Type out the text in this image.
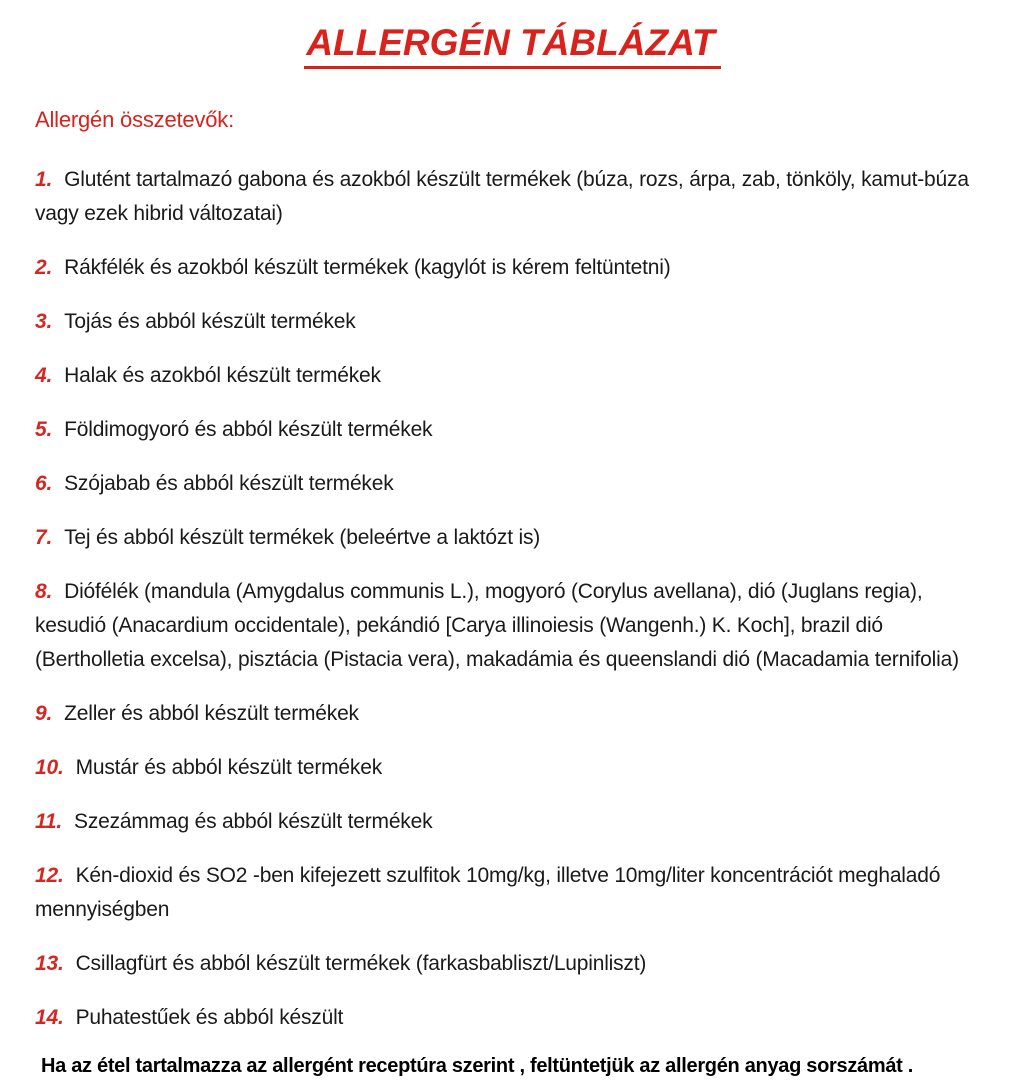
ALLERGÉN TÁBLÁZAT

Allergén összetevők:

1. Glutént tartalmazó gabona és azokból készült termékek (búza, rozs, árpa, zab, tönköly, kamut-búza vagy ezek hibrid változatai)

2. Rákfélék és azokból készült termékek (kagylót is kérem feltüntetni)

3. Tojás és abból készült termékek

4. Halak és azokból készült termékek

5. Földimogyoró és abból készült termékek

6. Szójabab és abból készült termékek

7. Tej és abból készült termékek (beleértve a laktózt is)

8. Diófélék (mandula (Amygdalus communis L.), mogyoró (Corylus avellana), dió (Juglans regia), kesudió (Anacardium occidentale), pekándió [Carya illinoiesis (Wangenh.) K. Koch], brazil dió (Bertholletia excelsa), pisztácia (Pistacia vera), makadámia és queenslandi dió (Macadamia ternifolia)

9. Zeller és abból készült termékek

10. Mustár és abból készült termékek

11. Szezámmag és abból készült termékek

12. Kén-dioxid és SO2 -ben kifejezett szulfitok 10mg/kg, illetve 10mg/liter koncentrációt meghaladó mennyiségben

13. Csillagfürt és abból készült termékek (farkasbabliszt/Lupinliszt)

14. Puhatestűek és abból készült

Ha az étel tartalmazza az allergént receptúra szerint , feltüntetjük az allergén anyag sorszámát .
